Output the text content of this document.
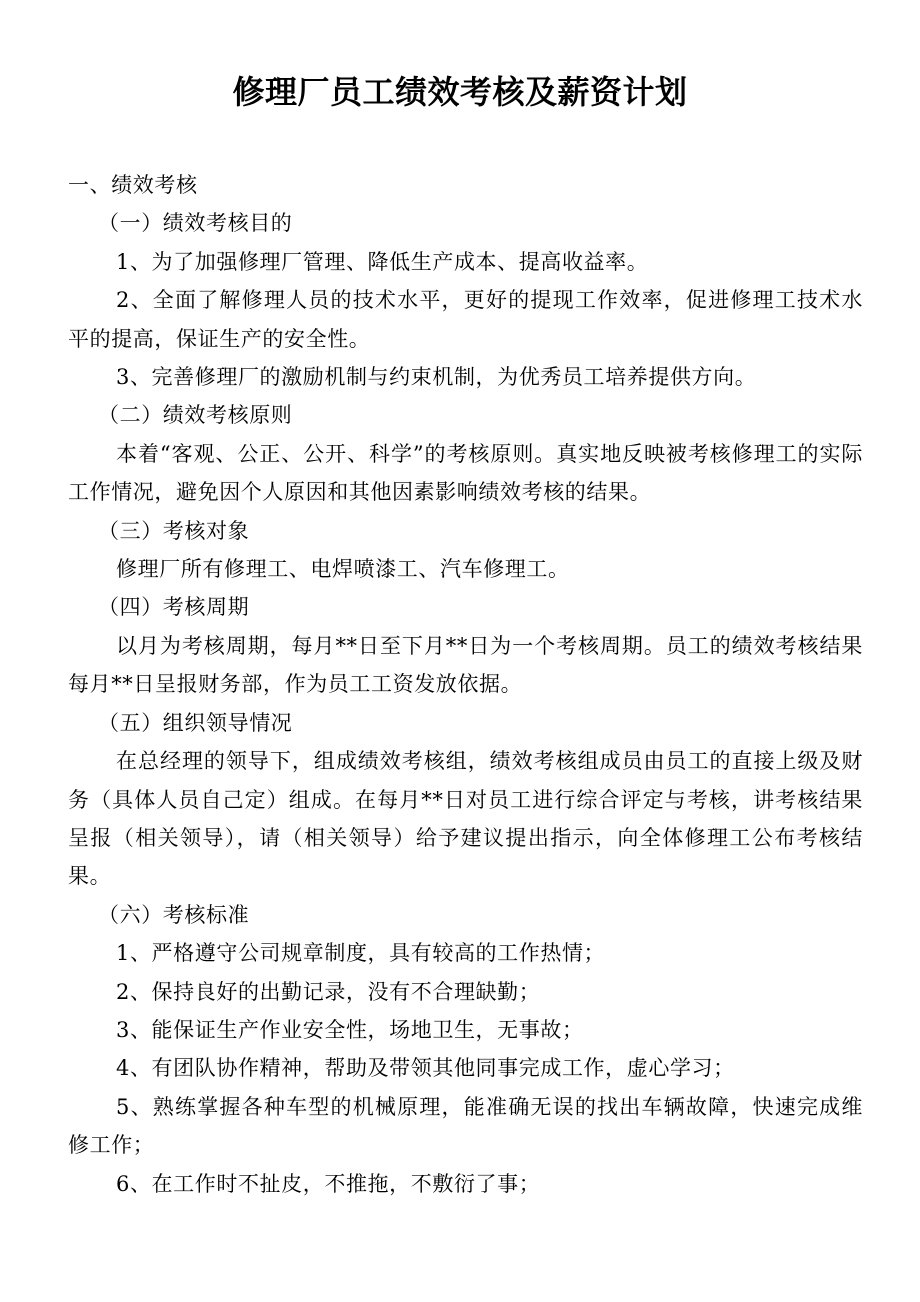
修理厂员工绩效考核及薪资计划

一、绩效考核

（一）绩效考核目的

1、为了加强修理厂管理、降低生产成本、提高收益率。

2、全面了解修理人员的技术水平，更好的提现工作效率，促进修理工技术水平的提高，保证生产的安全性。

3、完善修理厂的激励机制与约束机制，为优秀员工培养提供方向。

（二）绩效考核原则

本着“客观、公正、公开、科学”的考核原则。真实地反映被考核修理工的实际工作情况，避免因个人原因和其他因素影响绩效考核的结果。

（三）考核对象

修理厂所有修理工、电焊喷漆工、汽车修理工。

（四）考核周期

以月为考核周期，每月**日至下月**日为一个考核周期。员工的绩效考核结果每月**日呈报财务部，作为员工工资发放依据。

（五）组织领导情况

在总经理的领导下，组成绩效考核组，绩效考核组成员由员工的直接上级及财务（具体人员自己定）组成。在每月**日对员工进行综合评定与考核，讲考核结果呈报（相关领导），请（相关领导）给予建议提出指示，向全体修理工公布考核结果。

（六）考核标准

1、严格遵守公司规章制度，具有较高的工作热情；

2、保持良好的出勤记录，没有不合理缺勤；

3、能保证生产作业安全性，场地卫生，无事故；

4、有团队协作精神，帮助及带领其他同事完成工作，虚心学习；

5、熟练掌握各种车型的机械原理，能准确无误的找出车辆故障，快速完成维修工作；

6、在工作时不扯皮，不推拖，不敷衍了事；
